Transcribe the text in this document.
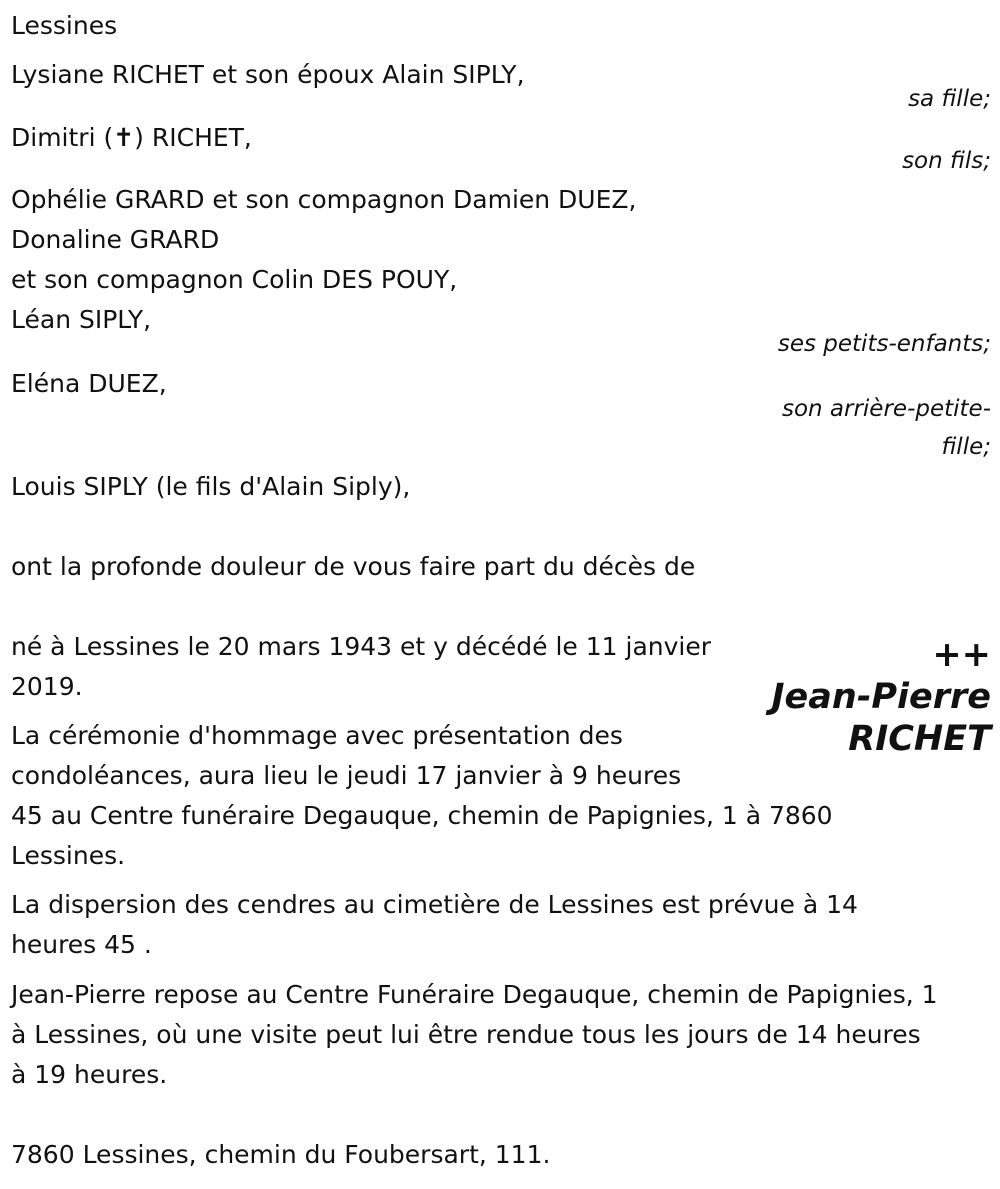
Lessines
Lysiane RICHET et son époux Alain SIPLY,
sa fille;
Dimitri (✝) RICHET,
son fils;
Ophélie GRARD et son compagnon Damien DUEZ,
Donaline GRARD
et son compagnon Colin DES POUY,
Léan SIPLY,
ses petits-enfants;
Eléna DUEZ,
son arrière-petite-
fille;
Louis SIPLY (le fils d'Alain Siply),
ont la profonde douleur de vous faire part du décès de
++
Jean-Pierre
RICHET
né à Lessines le 20 mars 1943 et y décédé le 11 janvier
2019.
La cérémonie d'hommage avec présentation des
condoléances, aura lieu le jeudi 17 janvier à 9 heures
45 au Centre funéraire Degauque, chemin de Papignies, 1 à 7860
Lessines.
La dispersion des cendres au cimetière de Lessines est prévue à 14
heures 45 .
Jean-Pierre repose au Centre Funéraire Degauque, chemin de Papignies, 1
à Lessines, où une visite peut lui être rendue tous les jours de 14 heures
à 19 heures.
7860 Lessines, chemin du Foubersart, 111.
